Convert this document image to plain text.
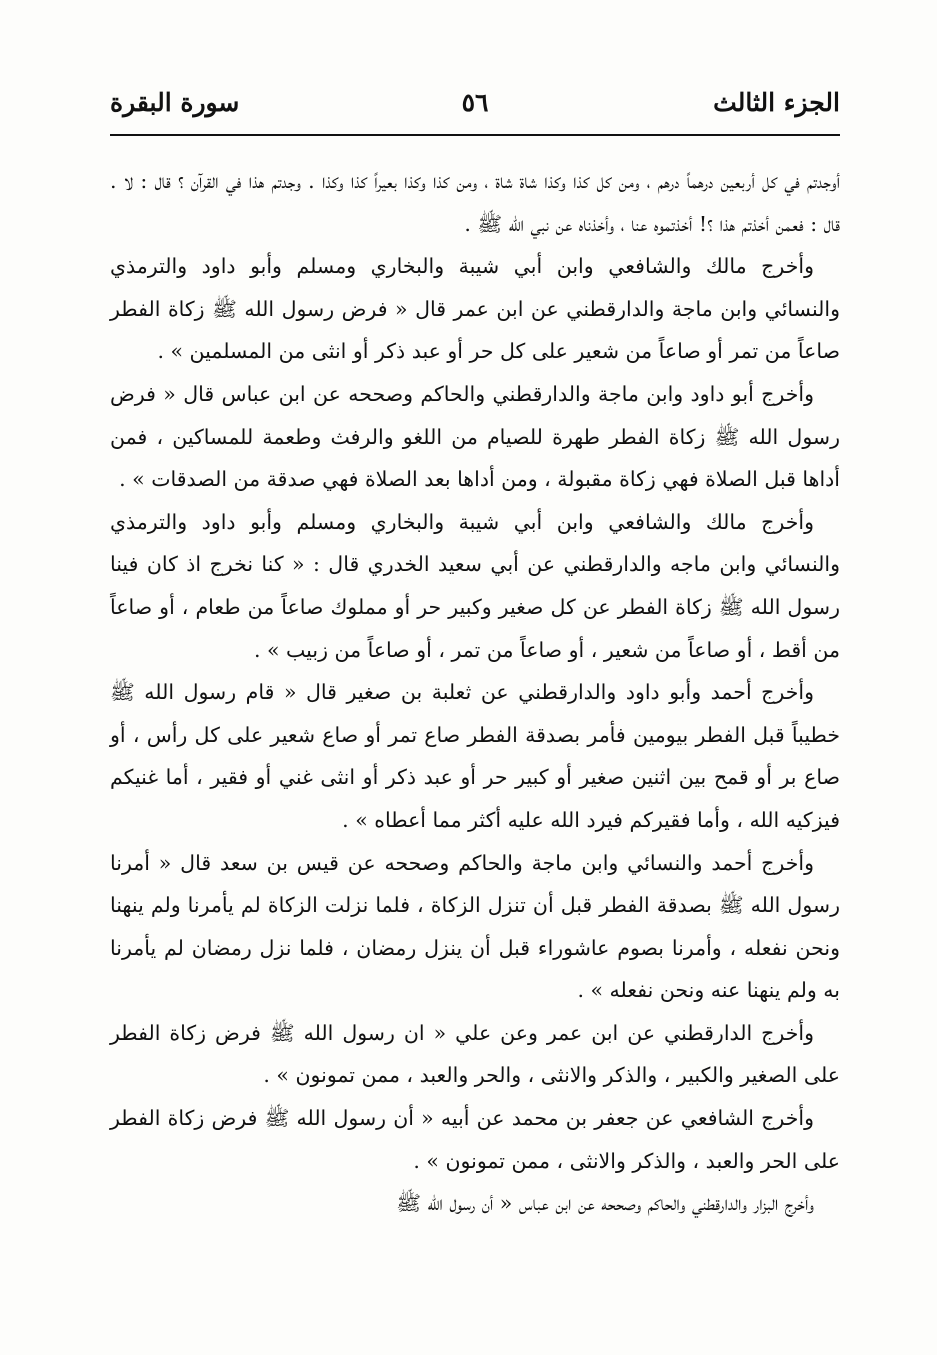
الجزء الثالث
٥٦
سورة البقرة

أوجدتم في كل أربعين درهماً درهم ، ومن كل كذا وكذا شاة شاة ، ومن كذا وكذا بعيراً كذا وكذا . وجدتم هذا في القرآن ؟ قال : لا . قال : فعمن أخذتم هذا ؟! أخذتموه عنا ، وأخذناه عن نبي الله ﷺ .

وأخرج مالك والشافعي وابن أبي شيبة والبخاري ومسلم وأبو داود والترمذي والنسائي وابن ماجة والدارقطني عن ابن عمر قال « فرض رسول الله ﷺ زكاة الفطر صاعاً من تمر أو صاعاً من شعير على كل حر أو عبد ذكر أو انثى من المسلمين » .

وأخرج أبو داود وابن ماجة والدارقطني والحاكم وصححه عن ابن عباس قال « فرض رسول الله ﷺ زكاة الفطر طهرة للصيام من اللغو والرفث وطعمة للمساكين ، فمن أداها قبل الصلاة فهي زكاة مقبولة ، ومن أداها بعد الصلاة فهي صدقة من الصدقات » .

وأخرج مالك والشافعي وابن أبي شيبة والبخاري ومسلم وأبو داود والترمذي والنسائي وابن ماجه والدارقطني عن أبي سعيد الخدري قال : « كنا نخرج اذ كان فينا رسول الله ﷺ زكاة الفطر عن كل صغير وكبير حر أو مملوك صاعاً من طعام ، أو صاعاً من أقط ، أو صاعاً من شعير ، أو صاعاً من تمر ، أو صاعاً من زبيب » .

وأخرج أحمد وأبو داود والدارقطني عن ثعلبة بن صغير قال « قام رسول الله ﷺ خطيباً قبل الفطر بيومين فأمر بصدقة الفطر صاع تمر أو صاع شعير على كل رأس ، أو صاع بر أو قمح بين اثنين صغير أو كبير حر أو عبد ذكر أو انثى غني أو فقير ، أما غنيكم فيزكيه الله ، وأما فقيركم فيرد الله عليه أكثر مما أعطاه » .

وأخرج أحمد والنسائي وابن ماجة والحاكم وصححه عن قيس بن سعد قال « أمرنا رسول الله ﷺ بصدقة الفطر قبل أن تنزل الزكاة ، فلما نزلت الزكاة لم يأمرنا ولم ينهنا ونحن نفعله ، وأمرنا بصوم عاشوراء قبل أن ينزل رمضان ، فلما نزل رمضان لم يأمرنا به ولم ينهنا عنه ونحن نفعله » .

وأخرج الدارقطني عن ابن عمر وعن علي « ان رسول الله ﷺ فرض زكاة الفطر على الصغير والكبير ، والذكر والانثى ، والحر والعبد ، ممن تمونون » .

وأخرج الشافعي عن جعفر بن محمد عن أبيه « أن رسول الله ﷺ فرض زكاة الفطر على الحر والعبد ، والذكر والانثى ، ممن تمونون » .

وأخرج البزار والدارقطني والحاكم وصححه عن ابن عباس « أن رسول الله ﷺ
